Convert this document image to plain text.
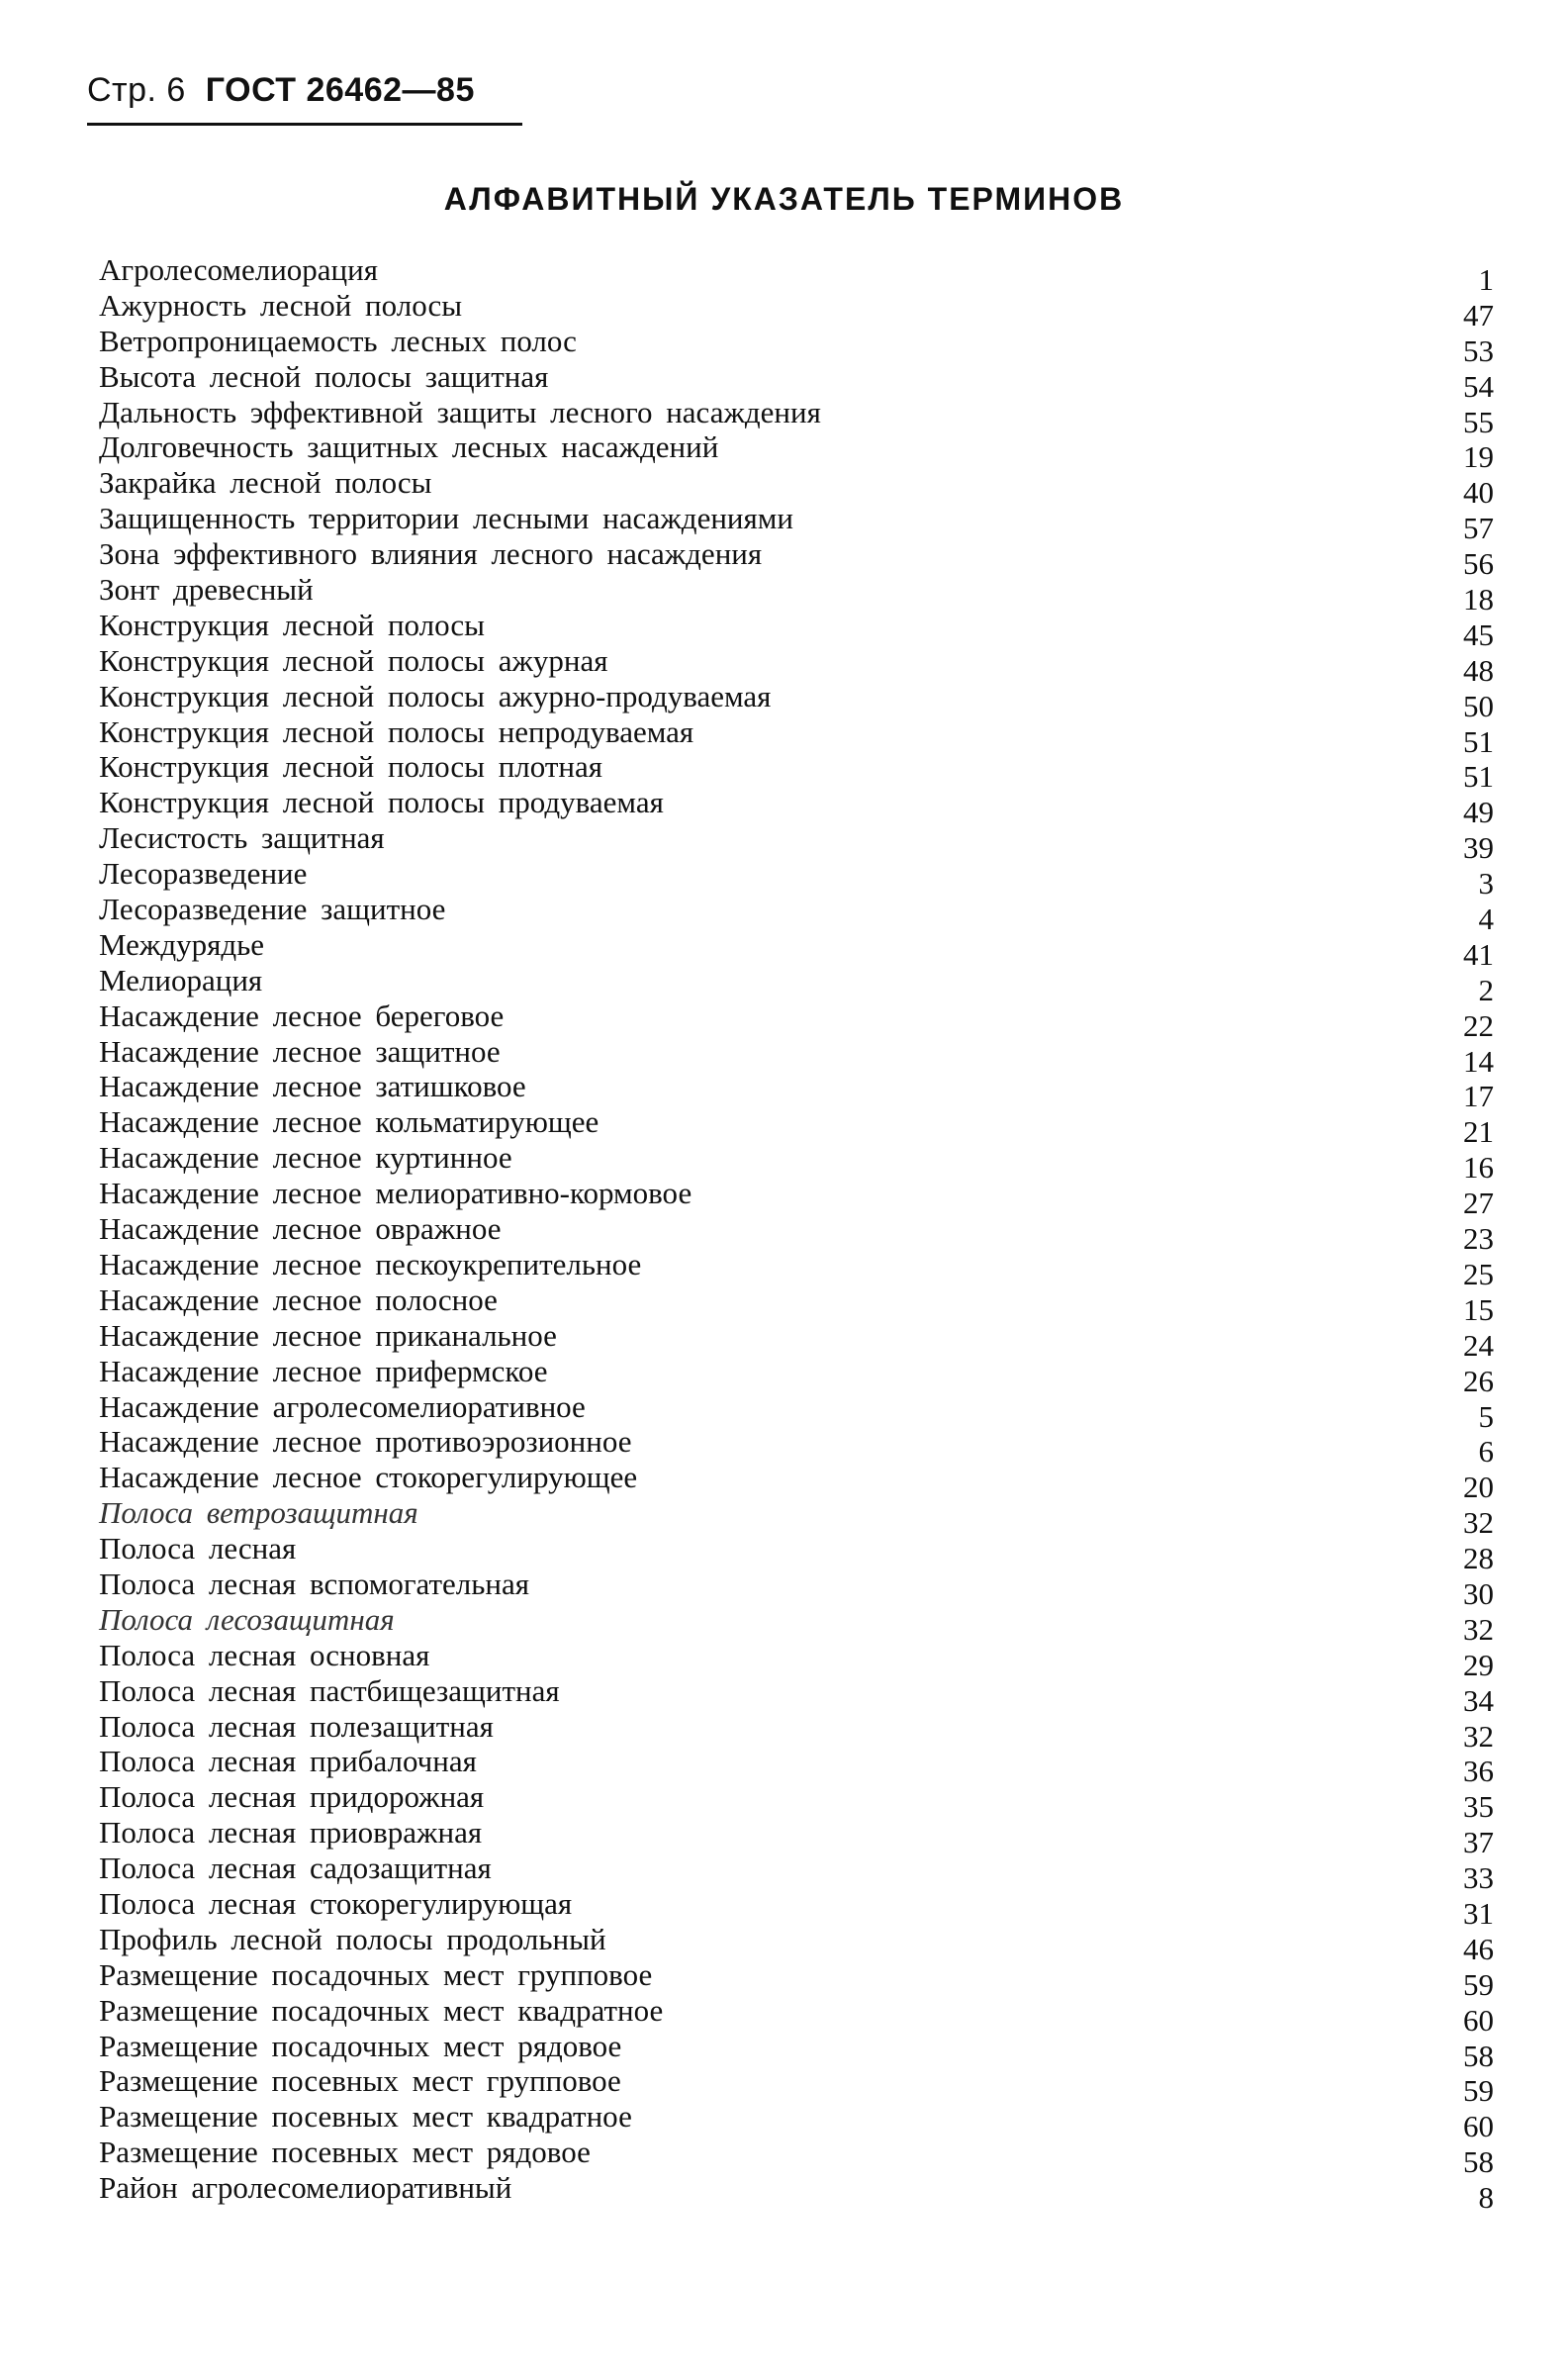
Стр. 6 ГОСТ 26462—85
АЛФАВИТНЫЙ УКАЗАТЕЛЬ ТЕРМИНОВ
Агролесомелиорация	1
Ажурность лесной полосы	47
Ветропроницаемость лесных полос	53
Высота лесной полосы защитная	54
Дальность эффективной защиты лесного насаждения	55
Долговечность защитных лесных насаждений	19
Закрайка лесной полосы	40
Защищенность территории лесными насаждениями	57
Зона эффективного влияния лесного насаждения	56
Зонт древесный	18
Конструкция лесной полосы	45
Конструкция лесной полосы ажурная	48
Конструкция лесной полосы ажурно-продуваемая	50
Конструкция лесной полосы непродуваемая	51
Конструкция лесной полосы плотная	51
Конструкция лесной полосы продуваемая	49
Лесистость защитная	39
Лесоразведение	3
Лесоразведение защитное	4
Междурядье	41
Мелиорация	2
Насаждение лесное береговое	22
Насаждение лесное защитное	14
Насаждение лесное затишковое	17
Насаждение лесное кольматирующее	21
Насаждение лесное куртинное	16
Насаждение лесное мелиоративно-кормовое	27
Насаждение лесное овражное	23
Насаждение лесное пескоукрепительное	25
Насаждение лесное полосное	15
Насаждение лесное приканальное	24
Насаждение лесное прифермское	26
Насаждение агролесомелиоративное	5
Насаждение лесное противоэрозионное	6
Насаждение лесное стокорегулирующее	20
Полоса ветрозащитная	32
Полоса лесная	28
Полоса лесная вспомогательная	30
Полоса лесозащитная	32
Полоса лесная основная	29
Полоса лесная пастбищезащитная	34
Полоса лесная полезащитная	32
Полоса лесная прибалочная	36
Полоса лесная придорожная	35
Полоса лесная приовражная	37
Полоса лесная садозащитная	33
Полоса лесная стокорегулирующая	31
Профиль лесной полосы продольный	46
Размещение посадочных мест групповое	59
Размещение посадочных мест квадратное	60
Размещение посадочных мест рядовое	58
Размещение посевных мест групповое	59
Размещение посевных мест квадратное	60
Размещение посевных мест рядовое	58
Район агролесомелиоративный	8
